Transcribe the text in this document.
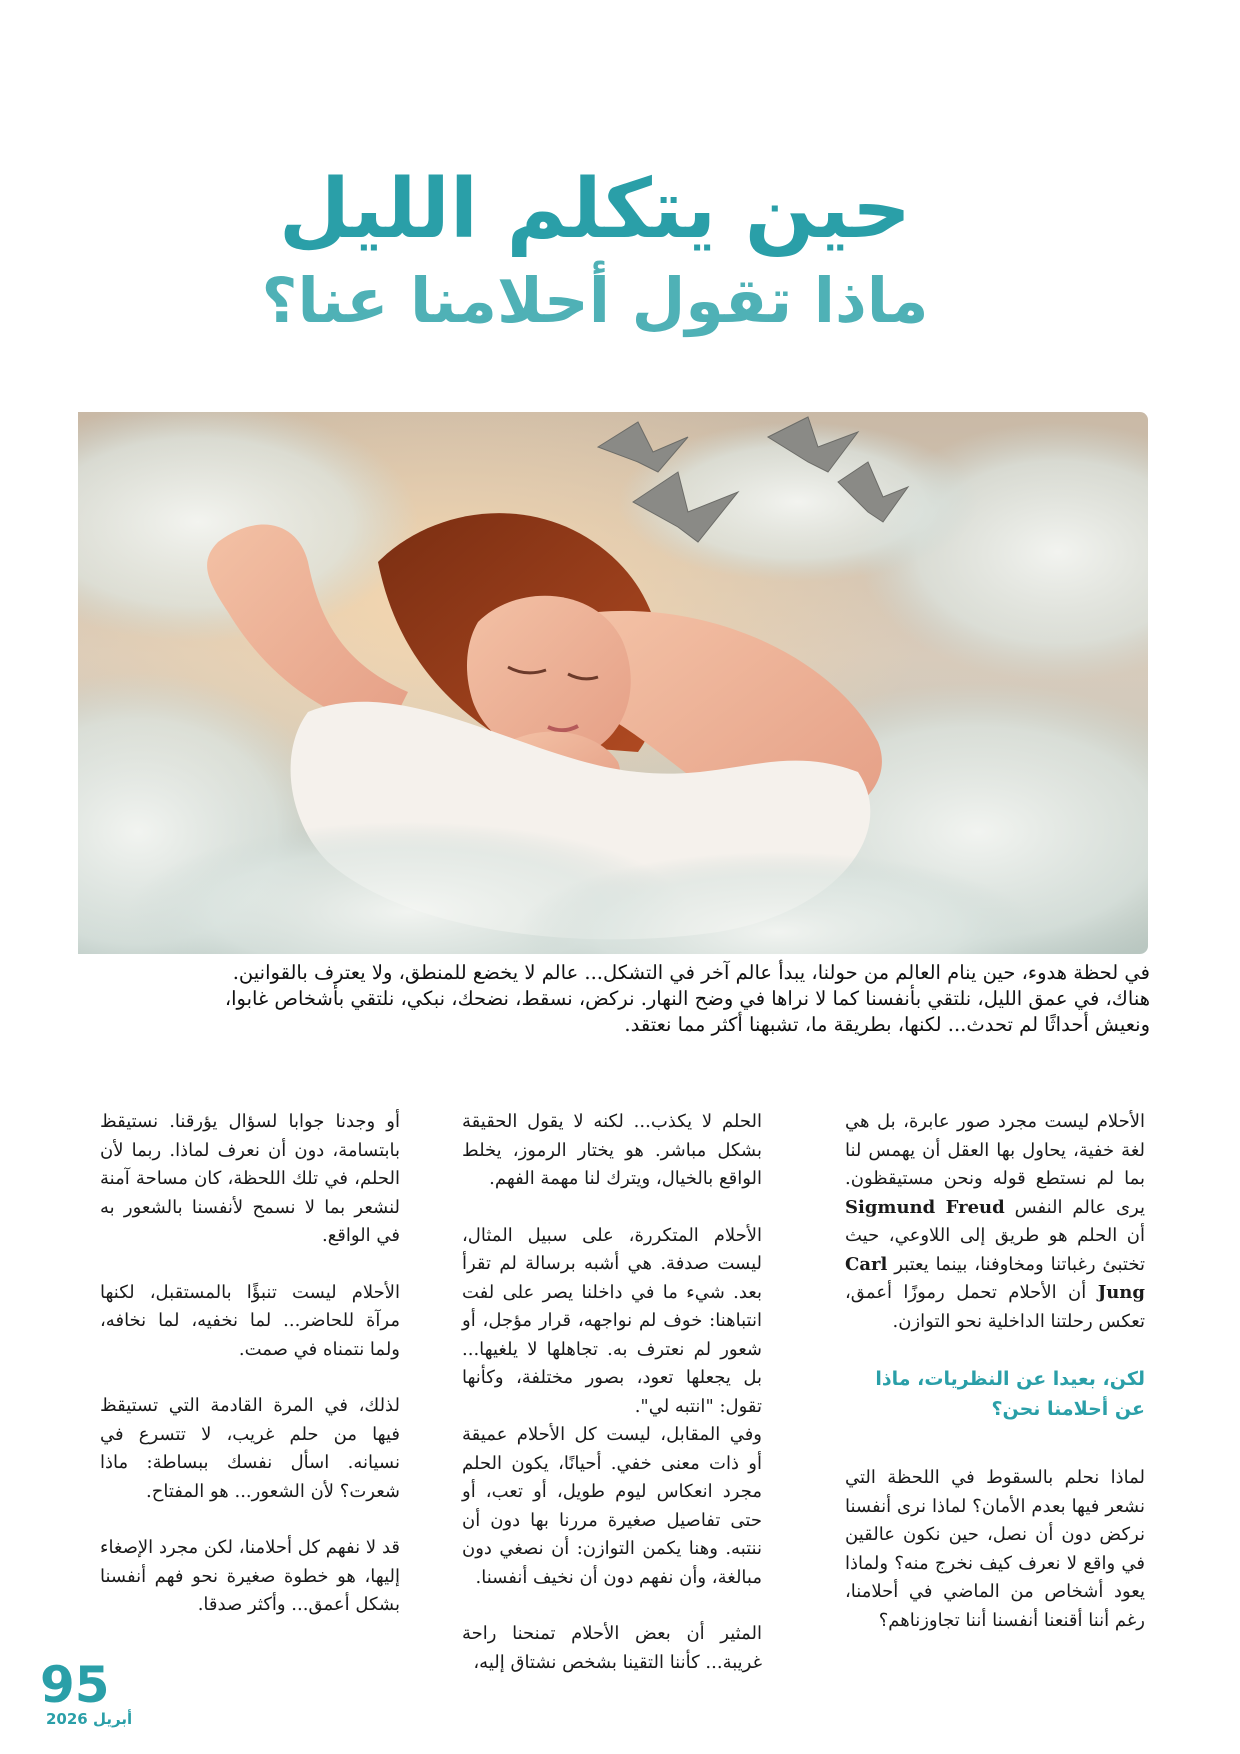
حين يتكلم الليل
ماذا تقول أحلامنا عنا؟

في لحظة هدوء، حين ينام العالم من حولنا، يبدأ عالم آخر في التشكل... عالم لا يخضع للمنطق، ولا يعترف بالقوانين.

هناك، في عمق الليل، نلتقي بأنفسنا كما لا نراها في وضح النهار. نركض، نسقط، نضحك، نبكي، نلتقي بأشخاص غابوا،

ونعيش أحداثًا لم تحدث... لكنها، بطريقة ما، تشبهنا أكثر مما نعتقد.

الأحلام ليست مجرد صور عابرة، بل هي لغة خفية، يحاول بها العقل أن يهمس لنا بما لم نستطع قوله ونحن مستيقظون. يرى عالم النفس Sigmund Freud أن الحلم هو طريق إلى اللاوعي، حيث تختبئ رغباتنا ومخاوفنا، بينما يعتبر Carl Jung أن الأحلام تحمل رموزًا أعمق، تعكس رحلتنا الداخلية نحو التوازن.

لكن، بعيدا عن النظريات، ماذا عن أحلامنا نحن؟

لماذا نحلم بالسقوط في اللحظة التي نشعر فيها بعدم الأمان؟ لماذا نرى أنفسنا نركض دون أن نصل، حين نكون عالقين في واقع لا نعرف كيف نخرج منه؟ ولماذا يعود أشخاص من الماضي في أحلامنا، رغم أننا أقنعنا أنفسنا أننا تجاوزناهم؟

الحلم لا يكذب... لكنه لا يقول الحقيقة بشكل مباشر. هو يختار الرموز، يخلط الواقع بالخيال، ويترك لنا مهمة الفهم.

الأحلام المتكررة، على سبيل المثال، ليست صدفة. هي أشبه برسالة لم تقرأ بعد. شيء ما في داخلنا يصر على لفت انتباهنا: خوف لم نواجهه، قرار مؤجل، أو شعور لم نعترف به. تجاهلها لا يلغيها... بل يجعلها تعود، بصور مختلفة، وكأنها تقول: "انتبه لي".

وفي المقابل، ليست كل الأحلام عميقة أو ذات معنى خفي. أحيانًا، يكون الحلم مجرد انعكاس ليوم طويل، أو تعب، أو حتى تفاصيل صغيرة مررنا بها دون أن ننتبه. وهنا يكمن التوازن: أن نصغي دون مبالغة، وأن نفهم دون أن نخيف أنفسنا.

المثير أن بعض الأحلام تمنحنا راحة غريبة... كأننا التقينا بشخص نشتاق إليه،

أو وجدنا جوابا لسؤال يؤرقنا. نستيقظ بابتسامة، دون أن نعرف لماذا. ربما لأن الحلم، في تلك اللحظة، كان مساحة آمنة لنشعر بما لا نسمح لأنفسنا بالشعور به في الواقع.

الأحلام ليست تنبؤًا بالمستقبل، لكنها مرآة للحاضر... لما نخفيه، لما نخافه، ولما نتمناه في صمت.

لذلك، في المرة القادمة التي تستيقظ فيها من حلم غريب، لا تتسرع في نسيانه. اسأل نفسك ببساطة: ماذا شعرت؟ لأن الشعور... هو المفتاح.

قد لا نفهم كل أحلامنا، لكن مجرد الإصغاء إليها، هو خطوة صغيرة نحو فهم أنفسنا بشكل أعمق... وأكثر صدقا.

95
أبريل 2026
